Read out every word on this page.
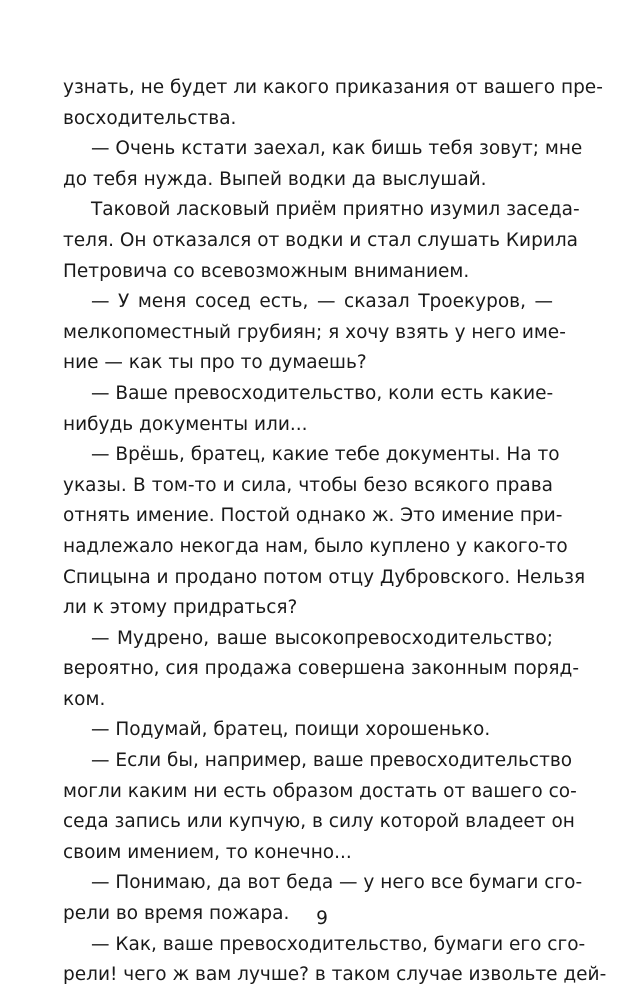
узнать, не будет ли какого приказания от вашего пре-
восходительства.
— Очень кстати заехал, как бишь тебя зовут; мне
до тебя нужда. Выпей водки да выслушай.
Таковой ласковый приём приятно изумил заседа-
теля. Он отказался от водки и стал слушать Кирила
Петровича со всевозможным вниманием.
— У меня сосед есть, — сказал Троекуров, —
мелкопоместный грубиян; я хочу взять у него име-
ние — как ты про то думаешь?
— Ваше превосходительство, коли есть какие-
нибудь документы или...
— Врёшь, братец, какие тебе документы. На то
указы. В том-то и сила, чтобы безо всякого права
отнять имение. Постой однако ж. Это имение при-
надлежало некогда нам, было куплено у какого-то
Спицына и продано потом отцу Дубровского. Нельзя
ли к этому придраться?
— Мудрено, ваше высокопревосходительство;
вероятно, сия продажа совершена законным поряд-
ком.
— Подумай, братец, поищи хорошенько.
— Если бы, например, ваше превосходительство
могли каким ни есть образом достать от вашего со-
седа запись или купчую, в силу которой владеет он
своим имением, то конечно...
— Понимаю, да вот беда — у него все бумаги сго-
рели во время пожара.
— Как, ваше превосходительство, бумаги его сго-
рели! чего ж вам лучше? в таком случае извольте дей-
9
